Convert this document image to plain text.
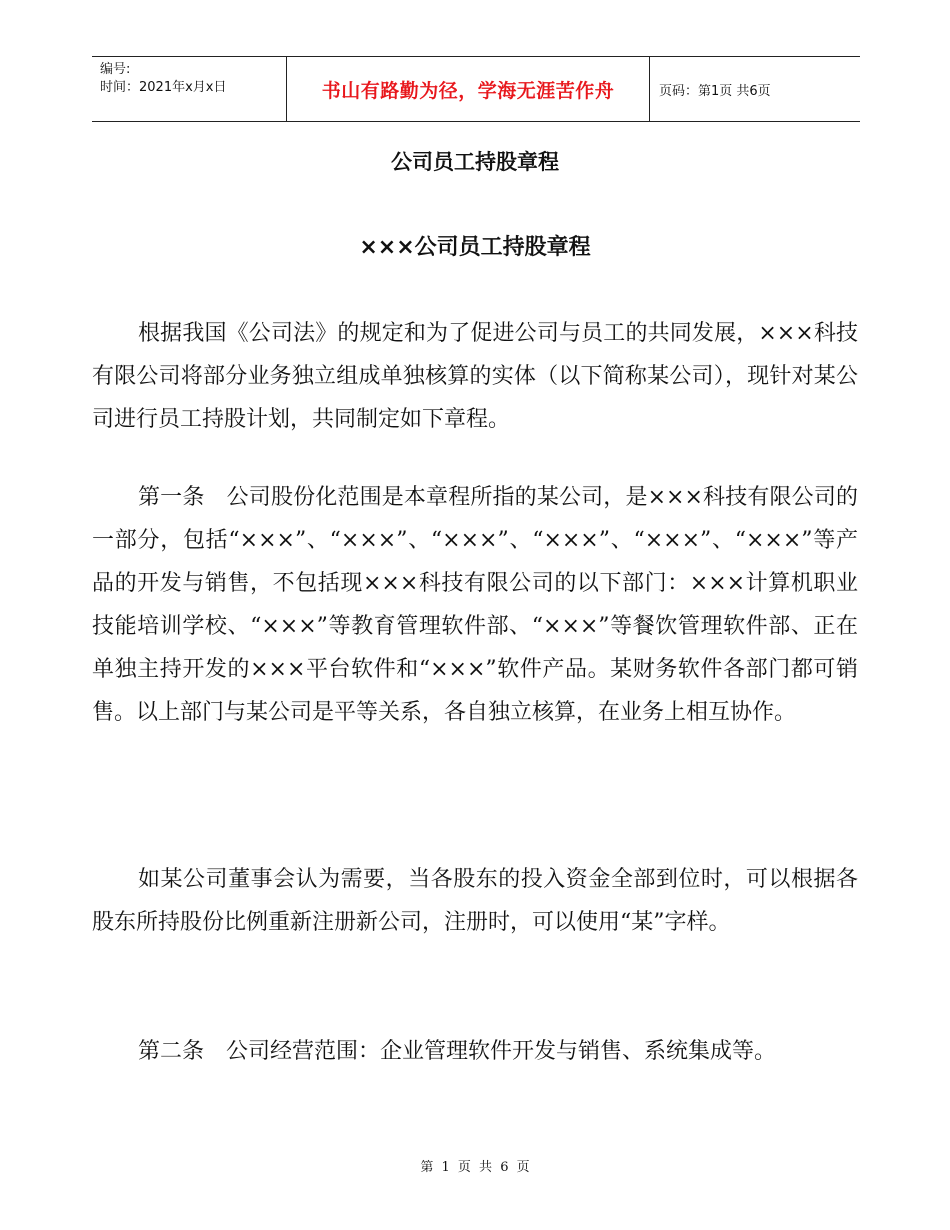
编号:
时间：2021年x月x日	书山有路勤为径，学海无涯苦作舟	页码：第1页 共6页
公司员工持股章程
×××公司员工持股章程

根据我国《公司法》的规定和为了促进公司与员工的共同发展，×××科技有限公司将部分业务独立组成单独核算的实体（以下简称某公司），现针对某公司进行员工持股计划，共同制定如下章程。

第一条　公司股份化范围是本章程所指的某公司，是×××科技有限公司的一部分，包括“×××”、“×××”、“×××”、“×××”、“×××”、“×××”等产品的开发与销售，不包括现×××科技有限公司的以下部门：×××计算机职业技能培训学校、“×××”等教育管理软件部、“×××”等餐饮管理软件部、正在单独主持开发的×××平台软件和“×××”软件产品。某财务软件各部门都可销售。以上部门与某公司是平等关系，各自独立核算，在业务上相互协作。

如某公司董事会认为需要，当各股东的投入资金全部到位时，可以根据各股东所持股份比例重新注册新公司，注册时，可以使用“某”字样。

第二条　公司经营范围：企业管理软件开发与销售、系统集成等。

第 1 页 共 6 页
